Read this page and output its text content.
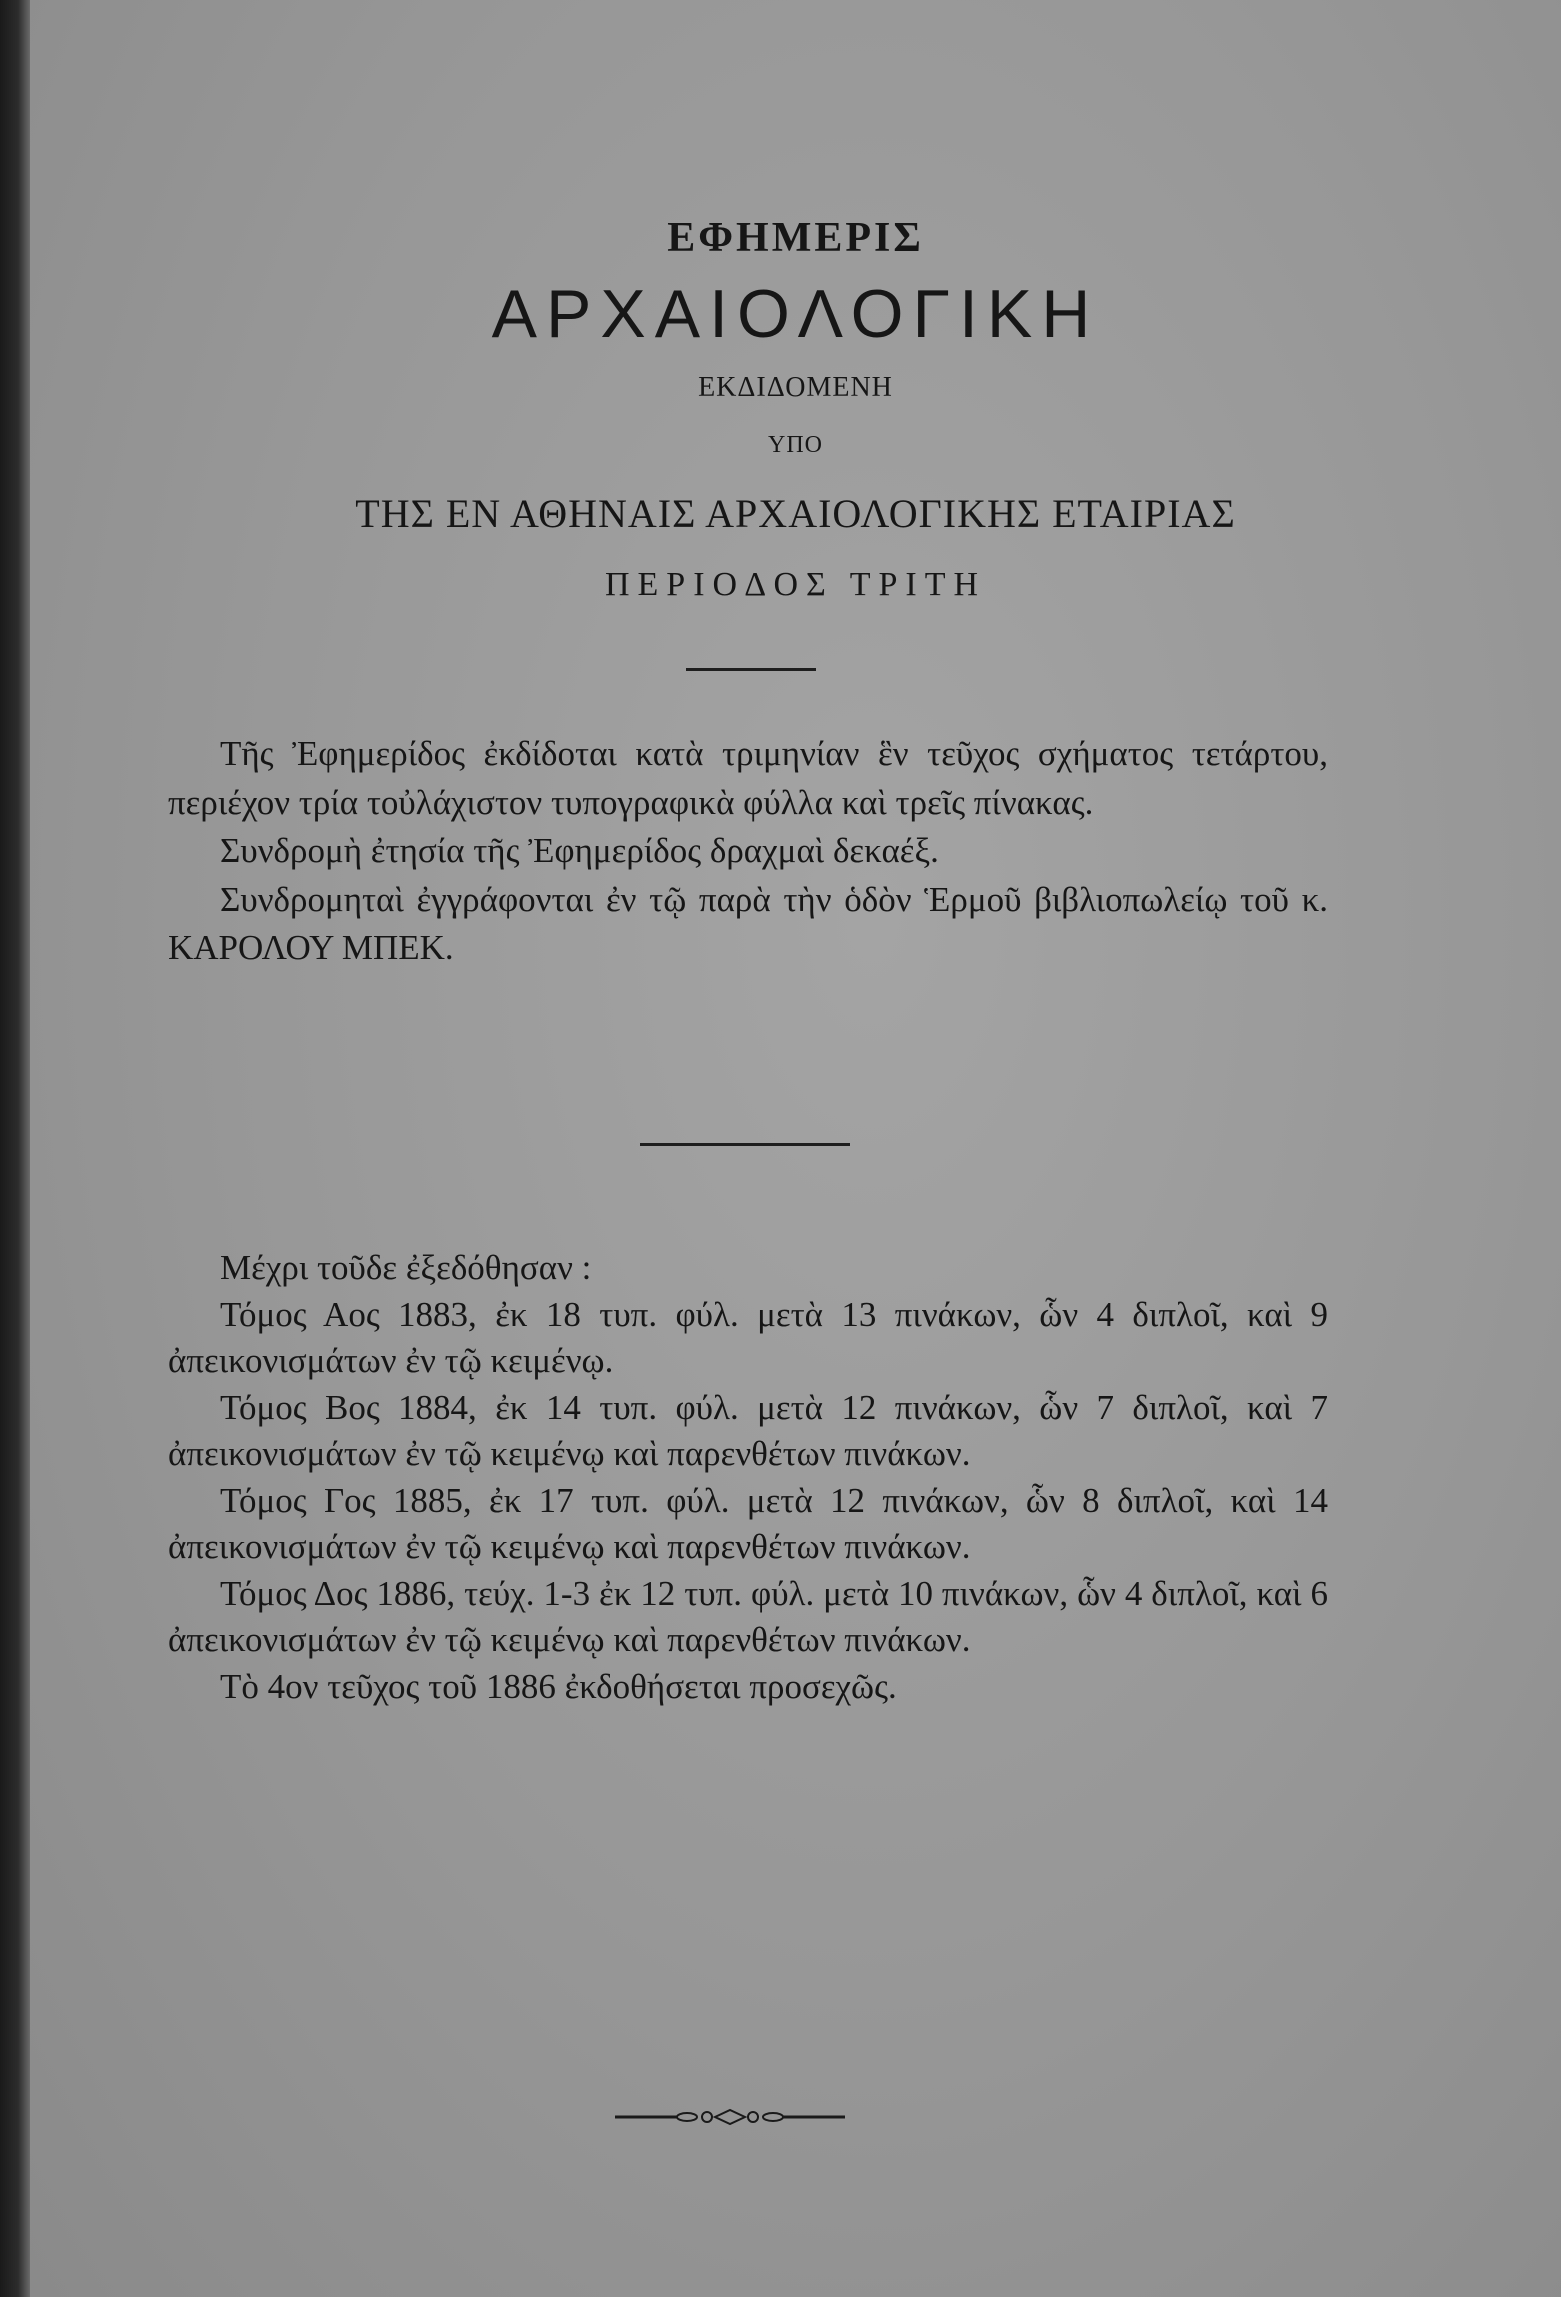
ΕΦΗΜΕΡΙΣ
ΑΡΧΑΙΟΛΟΓΙΚΗ
ΕΚΔΙΔΟΜΕΝΗ
ΥΠΟ
ΤΗΣ ΕΝ ΑΘΗΝΑΙΣ ΑΡΧΑΙΟΛΟΓΙΚΗΣ ΕΤΑΙΡΙΑΣ
ΠΕΡΙΟΔΟΣ ΤΡΙΤΗ

Τῆς Ἐφημερίδος ἐκδίδοται κατὰ τριμηνίαν ἓν τεῦχος σχήματος τετάρτου, περιέχον τρία τοὐλάχιστον τυπογραφικὰ φύλλα καὶ τρεῖς πίνακας.

Συνδρομὴ ἐτησία τῆς Ἐφημερίδος δραχμαὶ δεκαέξ.

Συνδρομηταὶ ἐγγράφονται ἐν τῷ παρὰ τὴν ὁδὸν Ἑρμοῦ βιβλιοπωλείῳ τοῦ κ. ΚΑΡΟΛΟΥ ΜΠΕΚ.

Μέχρι τοῦδε ἐξεδόθησαν :

Τόμος Αος 1883, ἐκ 18 τυπ. φύλ. μετὰ 13 πινάκων, ὧν 4 διπλοῖ, καὶ 9 ἀπεικονισμάτων ἐν τῷ κειμένῳ.

Τόμος Βος 1884, ἐκ 14 τυπ. φύλ. μετὰ 12 πινάκων, ὧν 7 διπλοῖ, καὶ 7 ἀπεικονισμάτων ἐν τῷ κειμένῳ καὶ παρενθέτων πινάκων.

Τόμος Γος 1885, ἐκ 17 τυπ. φύλ. μετὰ 12 πινάκων, ὧν 8 διπλοῖ, καὶ 14 ἀπεικονισμάτων ἐν τῷ κειμένῳ καὶ παρενθέτων πινάκων.

Τόμος Δος 1886, τεύχ. 1-3 ἐκ 12 τυπ. φύλ. μετὰ 10 πινάκων, ὧν 4 διπλοῖ, καὶ 6 ἀπεικονισμάτων ἐν τῷ κειμένῳ καὶ παρενθέτων πινάκων.

Τὸ 4ον τεῦχος τοῦ 1886 ἐκδοθήσεται προσεχῶς.
